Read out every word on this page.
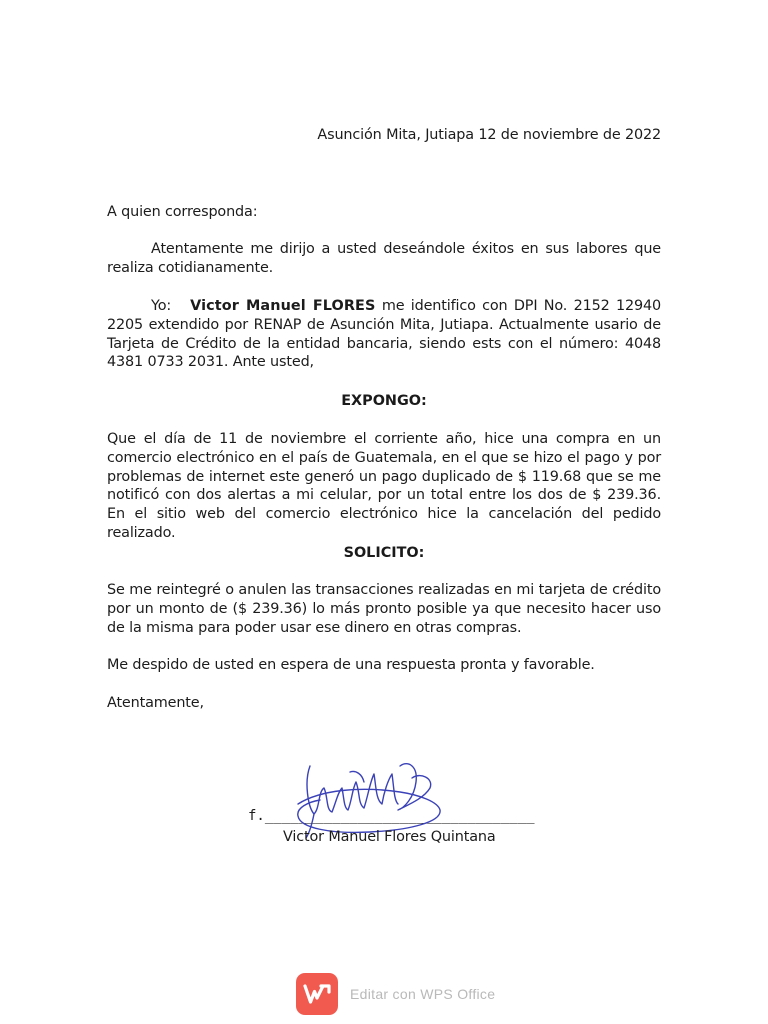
Asunción Mita, Jutiapa 12 de noviembre de 2022
A quien corresponda:
Atentamente me dirijo a usted deseándole éxitos en sus labores que realiza cotidianamente.
Yo: Victor Manuel FLORES me identifico con DPI No. 2152 12940 2205 extendido por RENAP de Asunción Mita, Jutiapa. Actualmente usario de Tarjeta de Crédito de la entidad bancaria, siendo ests con el número: 4048 4381 0733 2031. Ante usted,
EXPONGO:
Que el día de 11 de noviembre el corriente año, hice una compra en un comercio electrónico en el país de Guatemala, en el que se hizo el pago y por problemas de internet este generó un pago duplicado de $ 119.68 que se me notificó con dos alertas a mi celular, por un total entre los dos de $ 239.36. En el sitio web del comercio electrónico hice la cancelación del pedido realizado.
SOLICITO:
Se me reintegré o anulen las transacciones realizadas en mi tarjeta de crédito por un monto de ($ 239.36) lo más pronto posible ya que necesito hacer uso de la misma para poder usar ese dinero en otras compras.
Me despido de usted en espera de una respuesta pronta y favorable.
Atentamente,
f.________________________________
Victor Manuel Flores Quintana
Editar con WPS Office
